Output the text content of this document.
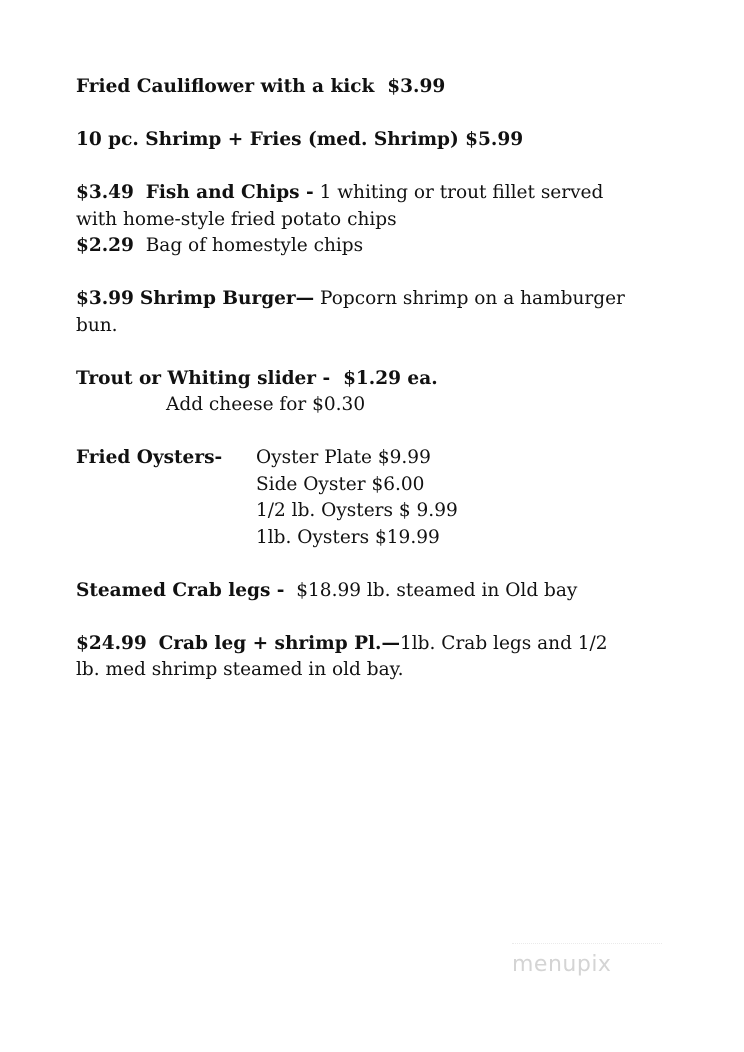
Fried Cauliflower with a kick $3.99

10 pc. Shrimp + Fries (med. Shrimp) $5.99

$3.49 Fish and Chips - 1 whiting or trout fillet served

with home-style fried potato chips

$2.29 Bag of homestyle chips

$3.99 Shrimp Burger— Popcorn shrimp on a hamburger

bun.

Trout or Whiting slider - $1.29 ea.

Add cheese for $0.30

Fried Oysters-	Oyster Plate $9.99

Side Oyster $6.00

1/2 lb. Oysters $ 9.99

1lb. Oysters $19.99

Steamed Crab legs - $18.99 lb. steamed in Old bay

$24.99 Crab leg + shrimp Pl.—1lb. Crab legs and 1/2

lb. med shrimp steamed in old bay.

menupix
